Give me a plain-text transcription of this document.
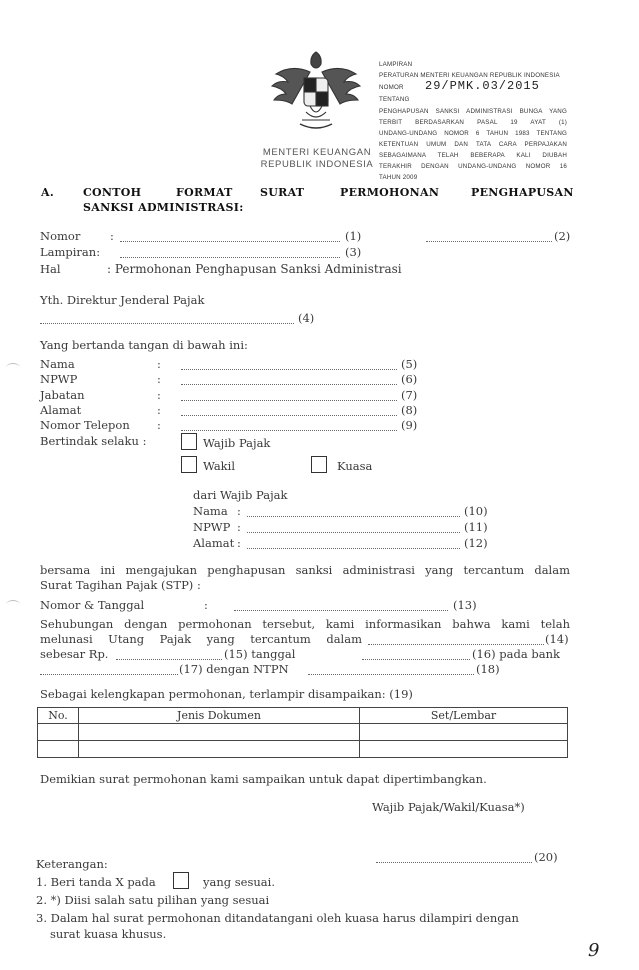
MENTERI KEUANGAN
REPUBLIK INDONESIA
LAMPIRAN
PERATURAN MENTERI KEUANGAN REPUBLIK INDONESIA
NOMOR 29/PMK.03/2015
TENTANG
PENGHAPUSAN SANKSI ADMINISTRASI BUNGA YANG
TERBIT BERDASARKAN PASAL 19 AYAT (1)
UNDANG-UNDANG NOMOR 6 TAHUN 1983 TENTANG
KETENTUAN UMUM DAN TATA CARA PERPAJAKAN
SEBAGAIMANA TELAH BEBERAPA KALI DIUBAH
TERAKHIR DENGAN UNDANG-UNDANG NOMOR 16
TAHUN 2009
A.	CONTOH	FORMAT SURAT	PERMOHONAN	PENGHAPUSAN
SANKSI ADMINISTRASI:
Nomor	:	(1)	(2)
Lampiran:	(3)
Hal	: Permohonan Penghapusan Sanksi Administrasi
Yth. Direktur Jenderal Pajak
(4)
Yang bertanda tangan di bawah ini:
Nama	:	(5)
NPWP	:	(6)
Jabatan	:	(7)
Alamat	:	(8)
Nomor Telepon :	(9)
Bertindak selaku :	Wajib Pajak
Wakil	Kuasa
dari Wajib Pajak
Nama :	(10)
NPWP :	(11)
Alamat :	(12)
bersama ini mengajukan penghapusan sanksi administrasi yang tercantum dalam
Surat Tagihan Pajak (STP) :
Nomor & Tanggal	:	(13)
Sehubungan dengan permohonan tersebut, kami informasikan bahwa kami telah
melunasi Utang Pajak yang tercantum dalam	(14)
sebesar Rp.	(15) tanggal	(16) pada bank
(17) dengan NTPN	(18)
Sebagai kelengkapan permohonan, terlampir disampaikan: (19)
No.	Jenis Dokumen	Set/Lembar

Demikian surat permohonan kami sampaikan untuk dapat dipertimbangkan.
Wajib Pajak/Wakil/Kuasa*)
(20)
Keterangan:
1. Beri tanda X pada	yang sesuai.
2. *) Diisi salah satu pilihan yang sesuai
3. Dalam hal surat permohonan ditandatangani oleh kuasa harus dilampiri dengan
surat kuasa khusus.
9
